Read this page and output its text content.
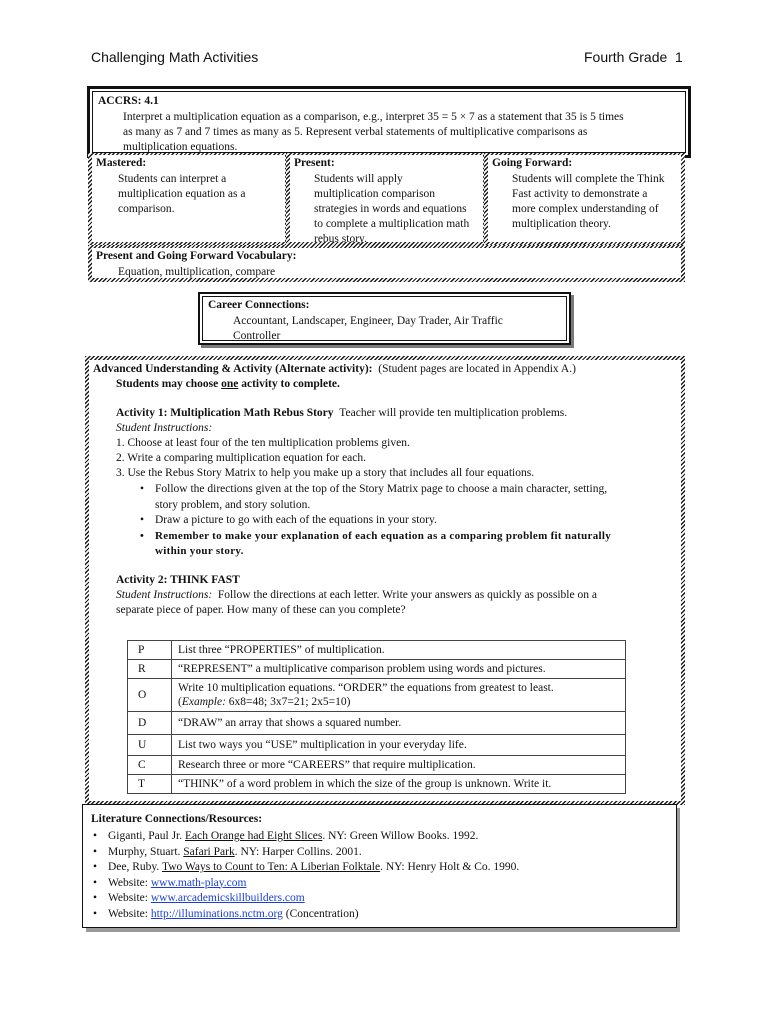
Challenging Math Activities	Fourth Grade 1
ACCRS: 4.1
Interpret a multiplication equation as a comparison, e.g., interpret 35 = 5 × 7 as a statement that 35 is 5 times
as many as 7 and 7 times as many as 5. Represent verbal statements of multiplicative comparisons as
multiplication equations.
Mastered:
Students can interpret a
multiplication equation as a
comparison.
Present:
Students will apply
multiplication comparison
strategies in words and equations
to complete a multiplication math
rebus story.
Going Forward:
Students will complete the Think
Fast activity to demonstrate a
more complex understanding of
multiplication theory.
Present and Going Forward Vocabulary:
Equation, multiplication, compare
Career Connections:
Accountant, Landscaper, Engineer, Day Trader, Air Traffic
Controller
Advanced Understanding & Activity (Alternate activity): (Student pages are located in Appendix A.)
Students may choose one activity to complete.
Activity 1: Multiplication Math Rebus Story Teacher will provide ten multiplication problems.
Student Instructions:
1. Choose at least four of the ten multiplication problems given.
2. Write a comparing multiplication equation for each.
3. Use the Rebus Story Matrix to help you make up a story that includes all four equations.
• Follow the directions given at the top of the Story Matrix page to choose a main character, setting,
story problem, and story solution.
• Draw a picture to go with each of the equations in your story.
• Remember to make your explanation of each equation as a comparing problem fit naturally
within your story.
Activity 2: THINK FAST
Student Instructions: Follow the directions at each letter. Write your answers as quickly as possible on a
separate piece of paper. How many of these can you complete?
P	List three “PROPERTIES” of multiplication.
R	“REPRESENT” a multiplicative comparison problem using words and pictures.
O	Write 10 multiplication equations. “ORDER” the equations from greatest to least.
(Example: 6x8=48; 3x7=21; 2x5=10)
D	“DRAW” an array that shows a squared number.
U	List two ways you “USE” multiplication in your everyday life.
C	Research three or more “CAREERS” that require multiplication.
T	“THINK” of a word problem in which the size of the group is unknown. Write it.
Literature Connections/Resources:
• Giganti, Paul Jr. Each Orange had Eight Slices. NY: Green Willow Books. 1992.
• Murphy, Stuart. Safari Park. NY: Harper Collins. 2001.
• Dee, Ruby. Two Ways to Count to Ten: A Liberian Folktale. NY: Henry Holt & Co. 1990.
• Website: www.math-play.com
• Website: www.arcademicskillbuilders.com
• Website: http://illuminations.nctm.org (Concentration)
